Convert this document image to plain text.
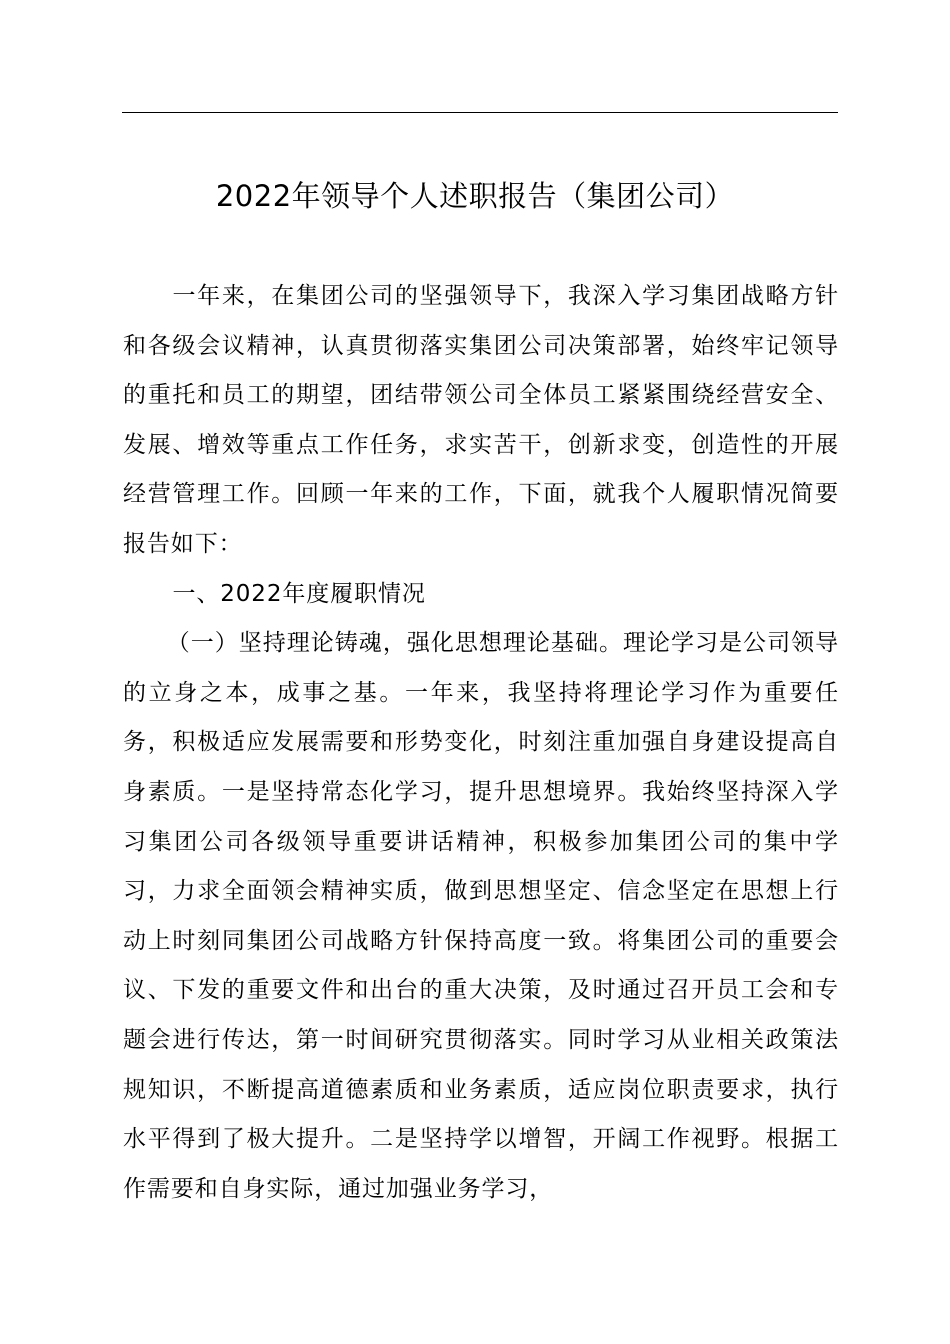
2022年领导个人述职报告（集团公司）

一年来，在集团公司的坚强领导下，我深入学习集团战略方针和各级会议精神，认真贯彻落实集团公司决策部署，始终牢记领导的重托和员工的期望，团结带领公司全体员工紧紧围绕经营安全、发展、增效等重点工作任务，求实苦干，创新求变，创造性的开展经营管理工作。回顾一年来的工作，下面，就我个人履职情况简要报告如下：

一、2022年度履职情况

（一）坚持理论铸魂，强化思想理论基础。理论学习是公司领导的立身之本，成事之基。一年来，我坚持将理论学习作为重要任务，积极适应发展需要和形势变化，时刻注重加强自身建设提高自身素质。一是坚持常态化学习，提升思想境界。我始终坚持深入学习集团公司各级领导重要讲话精神，积极参加集团公司的集中学习，力求全面领会精神实质，做到思想坚定、信念坚定在思想上行动上时刻同集团公司战略方针保持高度一致。将集团公司的重要会议、下发的重要文件和出台的重大决策，及时通过召开员工会和专题会进行传达，第一时间研究贯彻落实。同时学习从业相关政策法规知识，不断提高道德素质和业务素质，适应岗位职责要求，执行水平得到了极大提升。二是坚持学以增智，开阔工作视野。根据工作需要和自身实际，通过加强业务学习，
